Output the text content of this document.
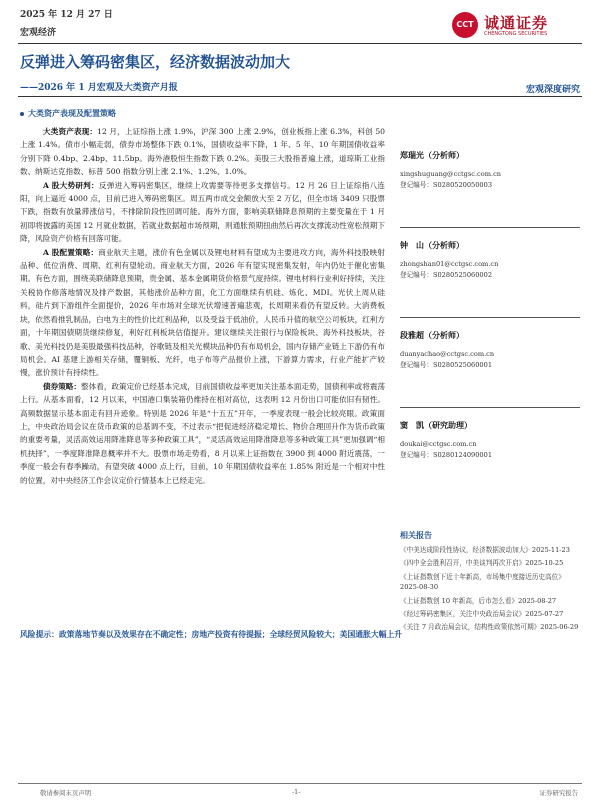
2025 年 12 月 27 日
宏观经济
CCT 诚通证券
CHENGTONG SECURITIES
反弹进入筹码密集区，经济数据波动加大
——2026 年 1 月宏观及大类资产月报	宏观深度研究
大类资产表现及配置策略

大类资产表现：12 月，上证综指上涨 1.9%，沪深 300 上涨 2.9%，创业板指上涨 6.3%，科创 50 上涨 1.4%。债市小幅走弱，债券市场整体下跌 0.1%，国债收益率下降，1 年、5 年、10 年期国债收益率分别下降 0.4bp、2.4bp、11.5bp。海外港股恒生指数下跌 0.2%。美股三大股指普遍上涨，道琼斯工业指数、纳斯达克指数、标普 500 指数分别上涨 2.1%、1.2%、1.0%。

A 股大势研判：反弹进入筹码密集区，继续上攻需要等待更多支撑信号。12 月 26 日上证综指八连阳，向上逼近 4000 点，目前已进入筹码密集区。周五两市成交金额放大至 2 万亿，但全市场 3409 只股票下跌，指数有放量滞涨信号，不排除阶段性回调可能。海外方面，影响美联储降息预期的主要变量在于 1 月初即将披露的美国 12 月就业数据，若就业数据超市场预期，则通胀预期扭曲然后再次支撑流动性宽松预期下降，风险资产价格有回落可能。

A 股配置策略：商业航天主题，涨价有色金属以及锂电材料有望成为主要进攻方向，海外科技股映射品种、低位消费、周期、红利有望轮动。商业航天方面，2026 年有望实现密集发射，年内仍处于催化密集期。有色方面，围绕美联储降息预期，贵金属、基本金属期货价格景气度持续。锂电材料行业利好持续，关注关税协作修落地情况及排产数据，其他涨价品种方面，化工方面继续有机硅、炼化、MDI。光伏上周从硅料，硅片到下游组件全面提价，2026 年市场对全球光伏增速普遍悲观，长周期来看仍有望反转。大消费板块，依然看推乳制品，白电为主的性价比红利品种，以及受益于低油价，人民币升值的航空公司板块，红利方面，十年期国债期货继续修复，利好红利板块估值提升。建议继续关注银行与保险板块、海外科技板块，谷歌、美光科技仍是美股最强科技品种，谷歌链及相关光模块品种仍有布局机会，国内存储产业链上下游仍有布局机会。AI 基建上游相关存储，覆铜板、光纤，电子布等产品报价上涨，下游算力需求，行业产能扩产较慢，涨价预计有持续性。

债券策略：整体看，政策定价已经基本完成，目前国债收益率更加关注基本面走势，国债利率或将震荡上行。从基本面看，12 月以来，中国港口集装箱仍维持在相对高位，这表明 12 月份出口可能依旧有韧性。高频数据显示基本面走有回升迹象。特别是 2026 年是“十五五”开年，一季度表现一般会比较亮眼。政策面上，中央政治局会议在货币政策的总基调不变，不过表示“把促进经济稳定增长、物价合理回升作为货币政策的重要考量，灵活高效运用降准降息等多种政策工具”，“灵活高效运用降准降息等多种政策工具”更加强调“相机抉择”，一季度降准降息概率并不大。股票市场走势看，8 月以来上证指数在 3900 到 4000 附近震荡，一季度一般会有春季躁动，有望突破 4000 点上行，目前，10 年期国债收益率在 1.85% 附近是一个相对中性的位置，对中央经济工作会议定价行情基本上已经走完。

郑瑞光（分析师）
xingshuguang@cctgsc.com.cn
登记编号：S0280520050003
钟　山（分析师）
zhongshan01@cctgsc.com.cn
登记编号：S0280525060002
段雅超（分析师）
duanyachao@cctgsc.com.cn
登记编号：S0280525060001
窦　凯（研究助理）
doukai@cctgsc.com.cn
登记编号：S0280124090001
相关报告
《中美达成阶段性协议，经济数据波动加大》2025-11-23
《四中全会胜利召开，中美谈判再次开启》2025-10-25
《上证指数创下近十年新高，市场集中度接近历史高位》2025-08-30
《上证指数创 10 年新高，后市怎么看》2025-08-27
《经过筹码密集区，关注中央政治局会议》2025-07-27
《关注 7 月政治局会议，结构性政策依然可期》2025-06-29
风险提示：政策落地节奏以及效果存在不确定性；房地产投资有待提振；全球经贸风险较大；美国通胀大幅上升
敬请参阅末页声明	-1-	证券研究报告
